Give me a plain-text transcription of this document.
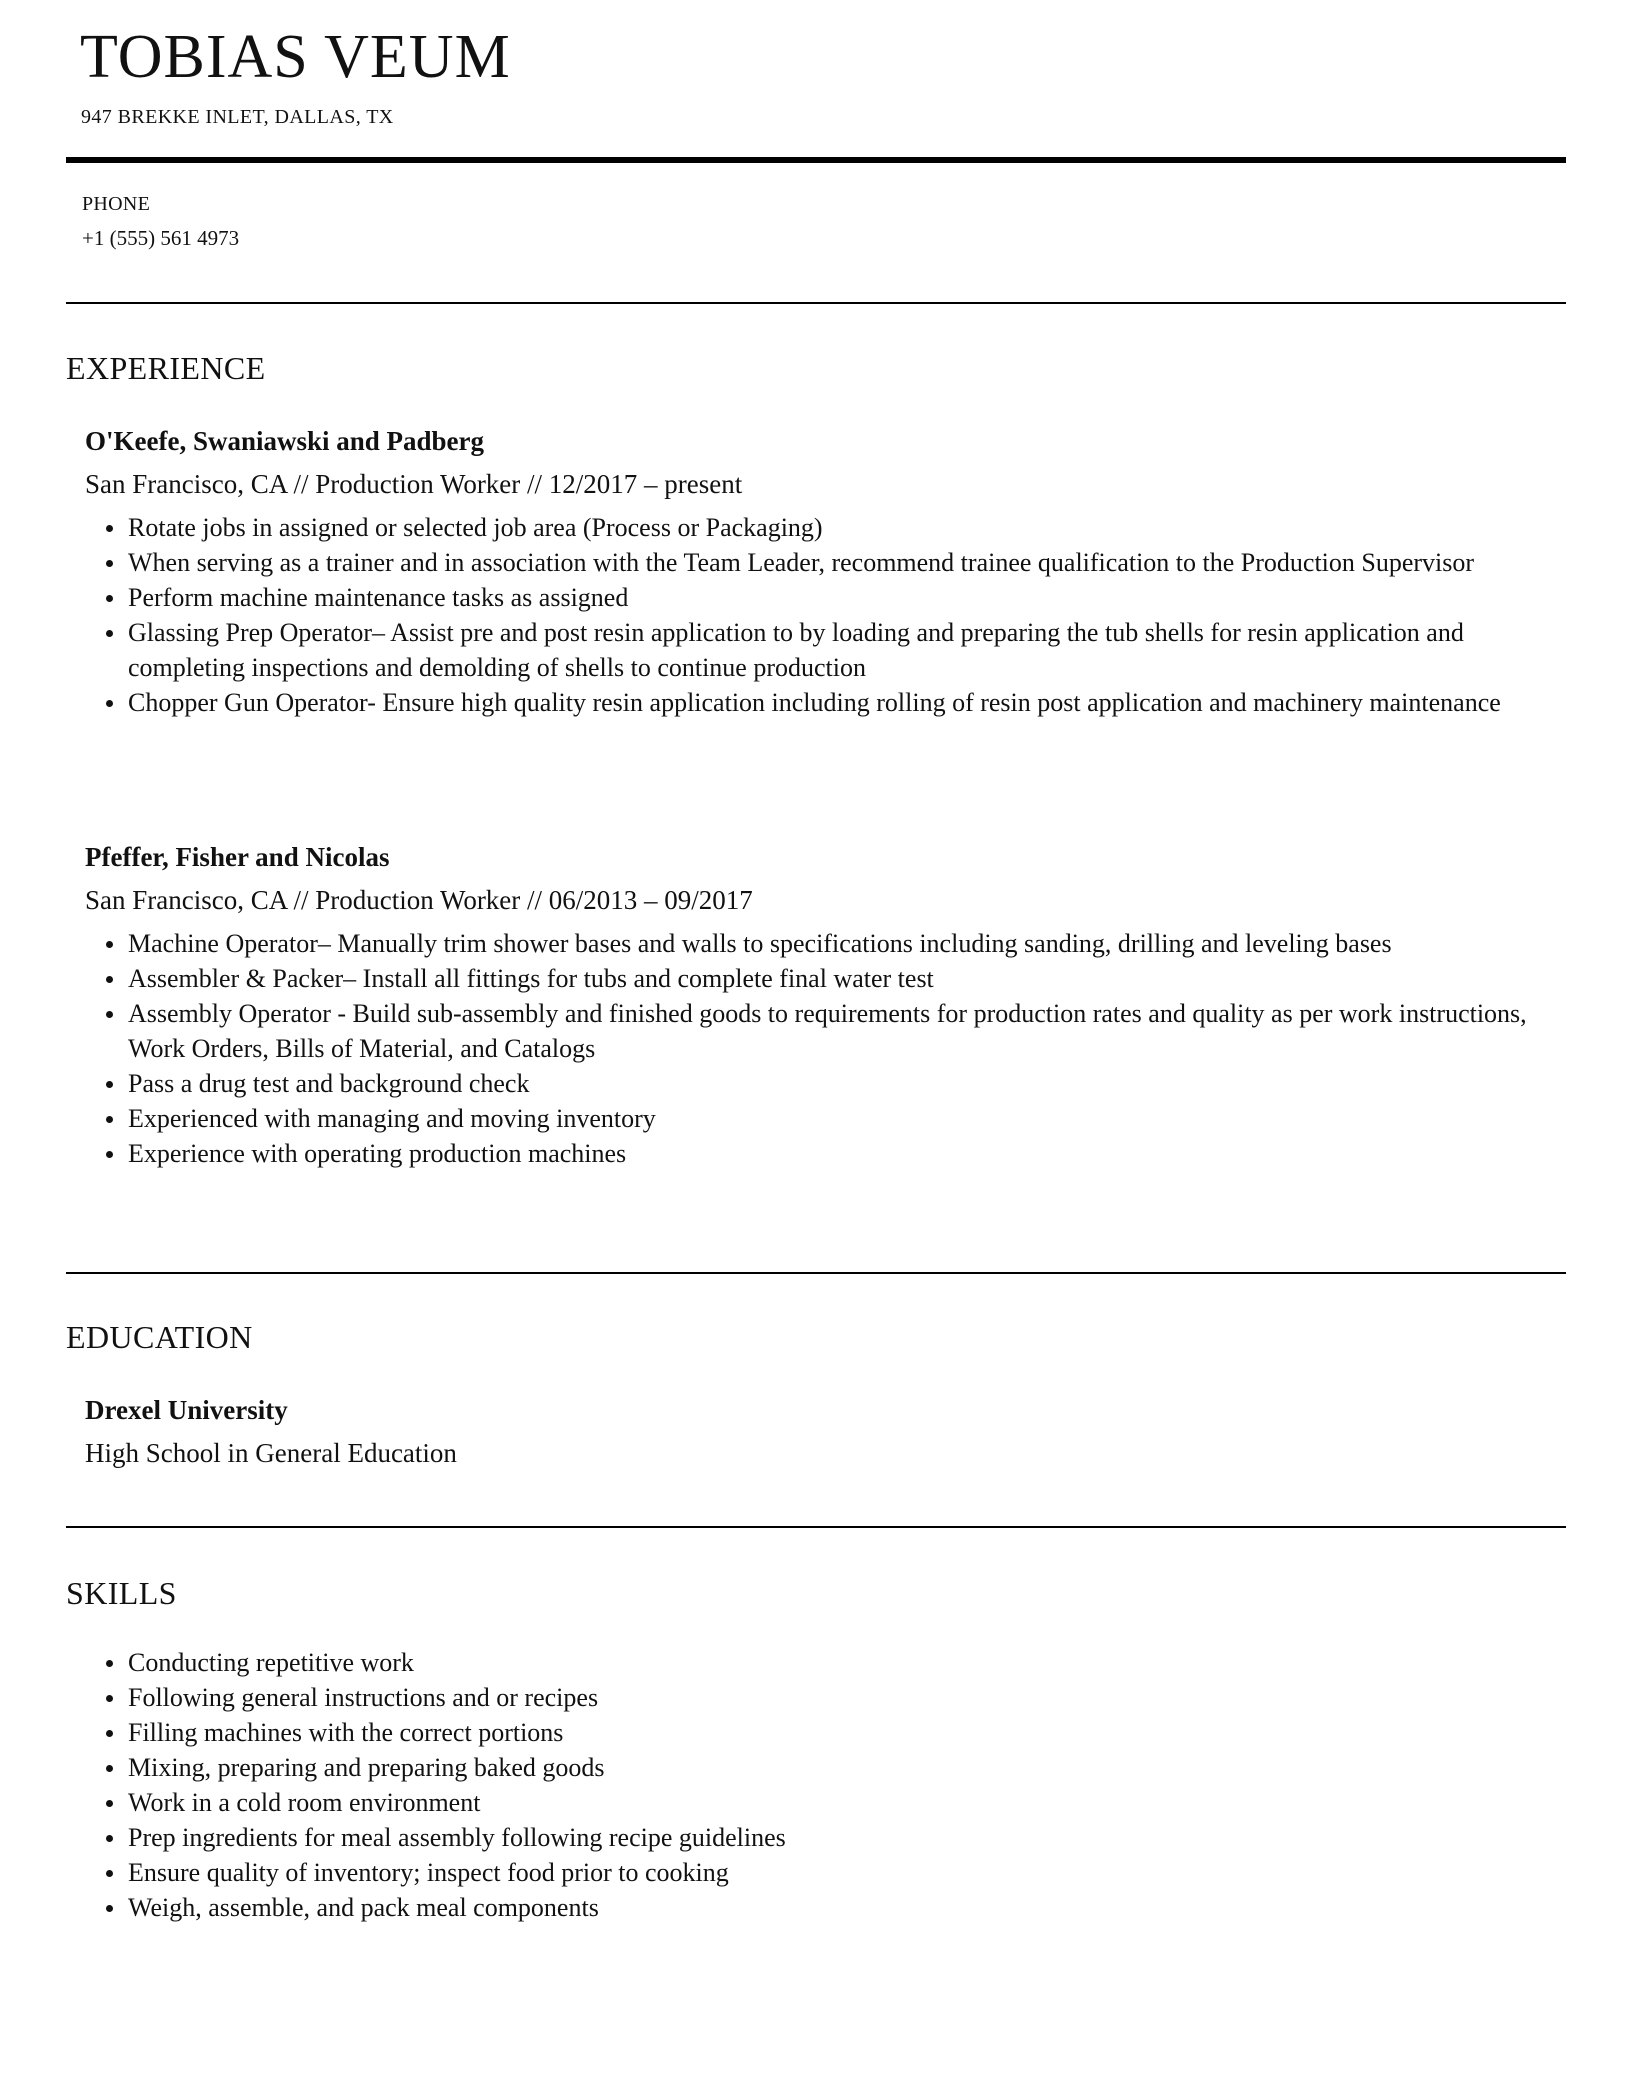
TOBIAS VEUM
947 BREKKE INLET, DALLAS, TX
PHONE
+1 (555) 561 4973
EXPERIENCE
O'Keefe, Swaniawski and Padberg
San Francisco, CA // Production Worker // 12/2017 – present
Rotate jobs in assigned or selected job area (Process or Packaging)
When serving as a trainer and in association with the Team Leader, recommend trainee qualification to the Production Supervisor
Perform machine maintenance tasks as assigned
Glassing Prep Operator– Assist pre and post resin application to by loading and preparing the tub shells for resin application and completing inspections and demolding of shells to continue production
Chopper Gun Operator- Ensure high quality resin application including rolling of resin post application and machinery maintenance
Pfeffer, Fisher and Nicolas
San Francisco, CA // Production Worker // 06/2013 – 09/2017
Machine Operator– Manually trim shower bases and walls to specifications including sanding, drilling and leveling bases
Assembler & Packer– Install all fittings for tubs and complete final water test
Assembly Operator - Build sub-assembly and finished goods to requirements for production rates and quality as per work instructions, Work Orders, Bills of Material, and Catalogs
Pass a drug test and background check
Experienced with managing and moving inventory
Experience with operating production machines
EDUCATION
Drexel University
High School in General Education
SKILLS
Conducting repetitive work
Following general instructions and or recipes
Filling machines with the correct portions
Mixing, preparing and preparing baked goods
Work in a cold room environment
Prep ingredients for meal assembly following recipe guidelines
Ensure quality of inventory; inspect food prior to cooking
Weigh, assemble, and pack meal components
